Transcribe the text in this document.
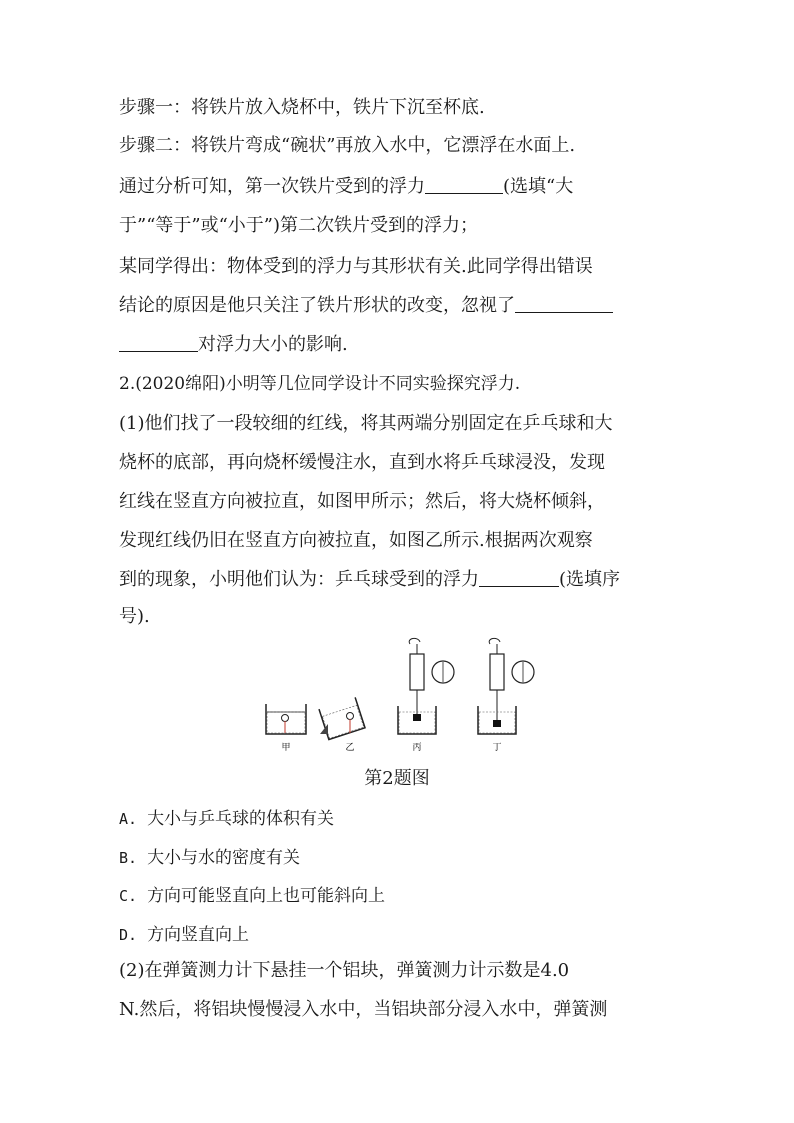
步骤一：将铁片放入烧杯中，铁片下沉至杯底.
步骤二：将铁片弯成“碗状”再放入水中，它漂浮在水面上.
通过分析可知，第一次铁片受到的浮力	(选填“大
于”“等于”或“小于”)第二次铁片受到的浮力；
某同学得出：物体受到的浮力与其形状有关.此同学得出错误
结论的原因是他只关注了铁片形状的改变，忽视了
对浮力大小的影响.
2.(2020绵阳)小明等几位同学设计不同实验探究浮力.
(1)他们找了一段较细的红线，将其两端分别固定在乒乓球和大
烧杯的底部，再向烧杯缓慢注水，直到水将乒乓球浸没，发现
红线在竖直方向被拉直，如图甲所示；然后，将大烧杯倾斜，
发现红线仍旧在竖直方向被拉直，如图乙所示.根据两次观察
到的现象，小明他们认为：乒乓球受到的浮力	(选填序
号).
甲	乙	丙	丁
第2题图
A. 大小与乒乓球的体积有关
B. 大小与水的密度有关
C. 方向可能竖直向上也可能斜向上
D. 方向竖直向上
(2)在弹簧测力计下悬挂一个铝块，弹簧测力计示数是4.0
N.然后，将铝块慢慢浸入水中，当铝块部分浸入水中，弹簧测
